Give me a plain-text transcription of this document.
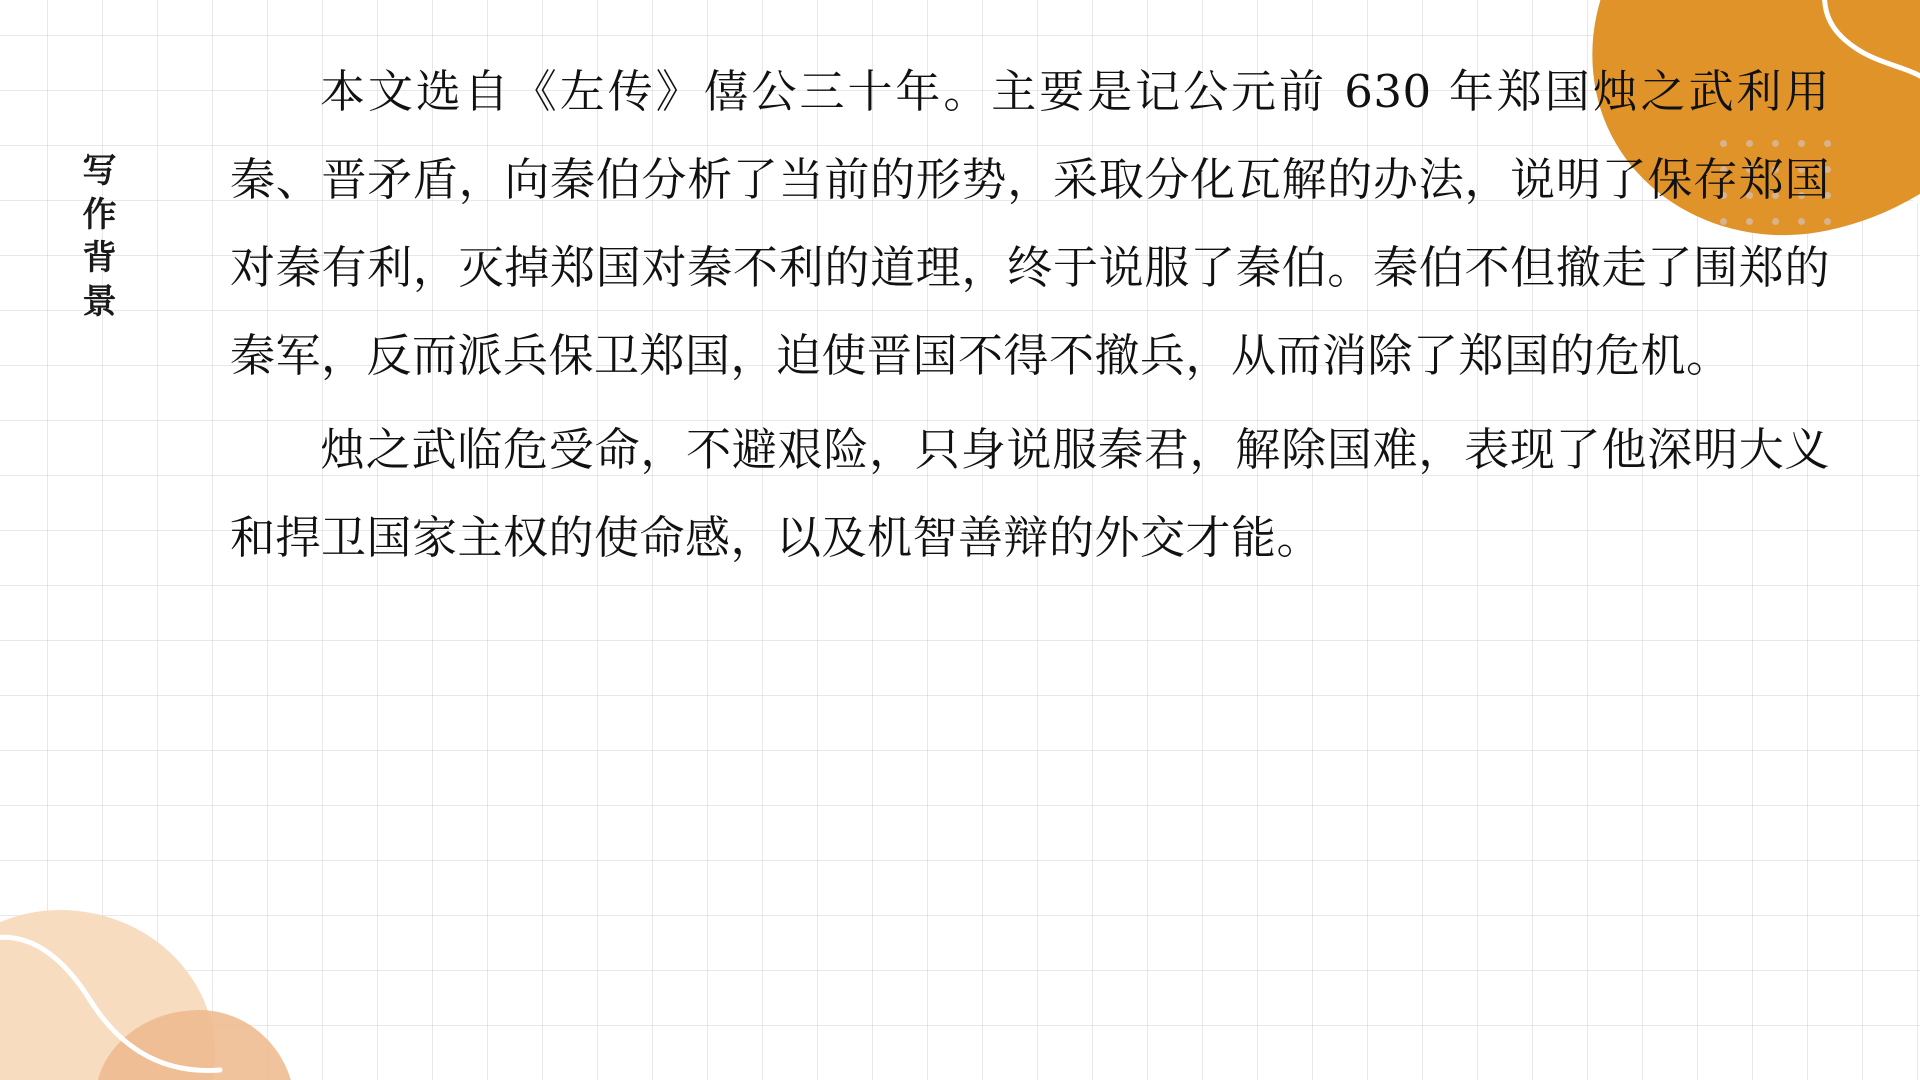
写
作
背
景

本文选自《左传》僖公三十年。主要是记公元前 630 年郑国烛之武利用秦、晋矛盾，向秦伯分析了当前的形势，采取分化瓦解的办法，说明了保存郑国对秦有利，灭掉郑国对秦不利的道理，终于说服了秦伯。秦伯不但撤走了围郑的秦军，反而派兵保卫郑国，迫使晋国不得不撤兵，从而消除了郑国的危机。

烛之武临危受命，不避艰险，只身说服秦君，解除国难，表现了他深明大义和捍卫国家主权的使命感，以及机智善辩的外交才能。
